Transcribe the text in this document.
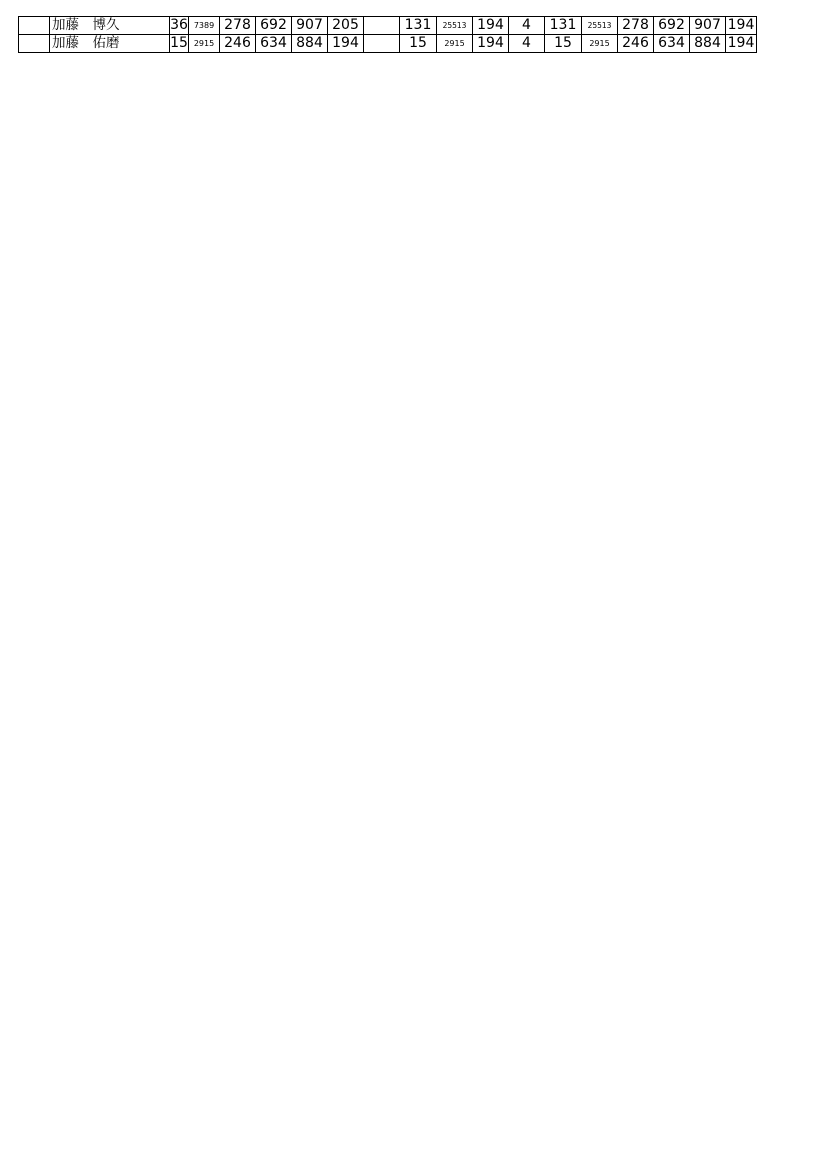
	加藤　博久	36	7389	278	692	907	205		131	25513	194	4	131	25513	278	692	907	194
	加藤　佑磨	15	2915	246	634	884	194		15	2915	194	4	15	2915	246	634	884	194
